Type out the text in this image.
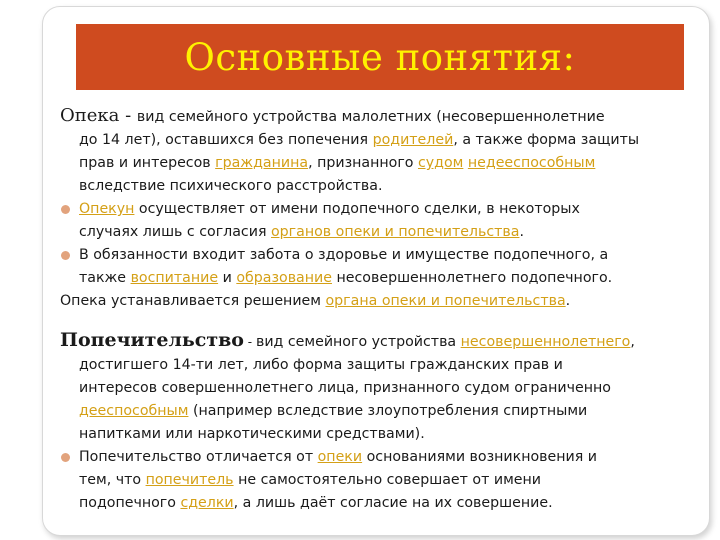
Основные понятия:
Опека - вид семейного устройства малолетних (несовершеннолетние
до 14 лет), оставшихся без попечения родителей, а также форма защиты
прав и интересов гражданина, признанного судом недееспособным
вследствие психического расстройства.
Опекун осуществляет от имени подопечного сделки, в некоторых
случаях лишь с согласия органов опеки и попечительства.
В обязанности входит забота о здоровье и имуществе подопечного, а
также воспитание и образование несовершеннолетнего подопечного.
Опека устанавливается решением органа опеки и попечительства.
Попечительство - вид семейного устройства несовершеннолетнего,
достигшего 14-ти лет, либо форма защиты гражданских прав и
интересов совершеннолетнего лица, признанного судом ограниченно
дееспособным (например вследствие злоупотребления спиртными
напитками или наркотическими средствами).
Попечительство отличается от опеки основаниями возникновения и
тем, что попечитель не самостоятельно совершает от имени
подопечного сделки, а лишь даёт согласие на их совершение.
